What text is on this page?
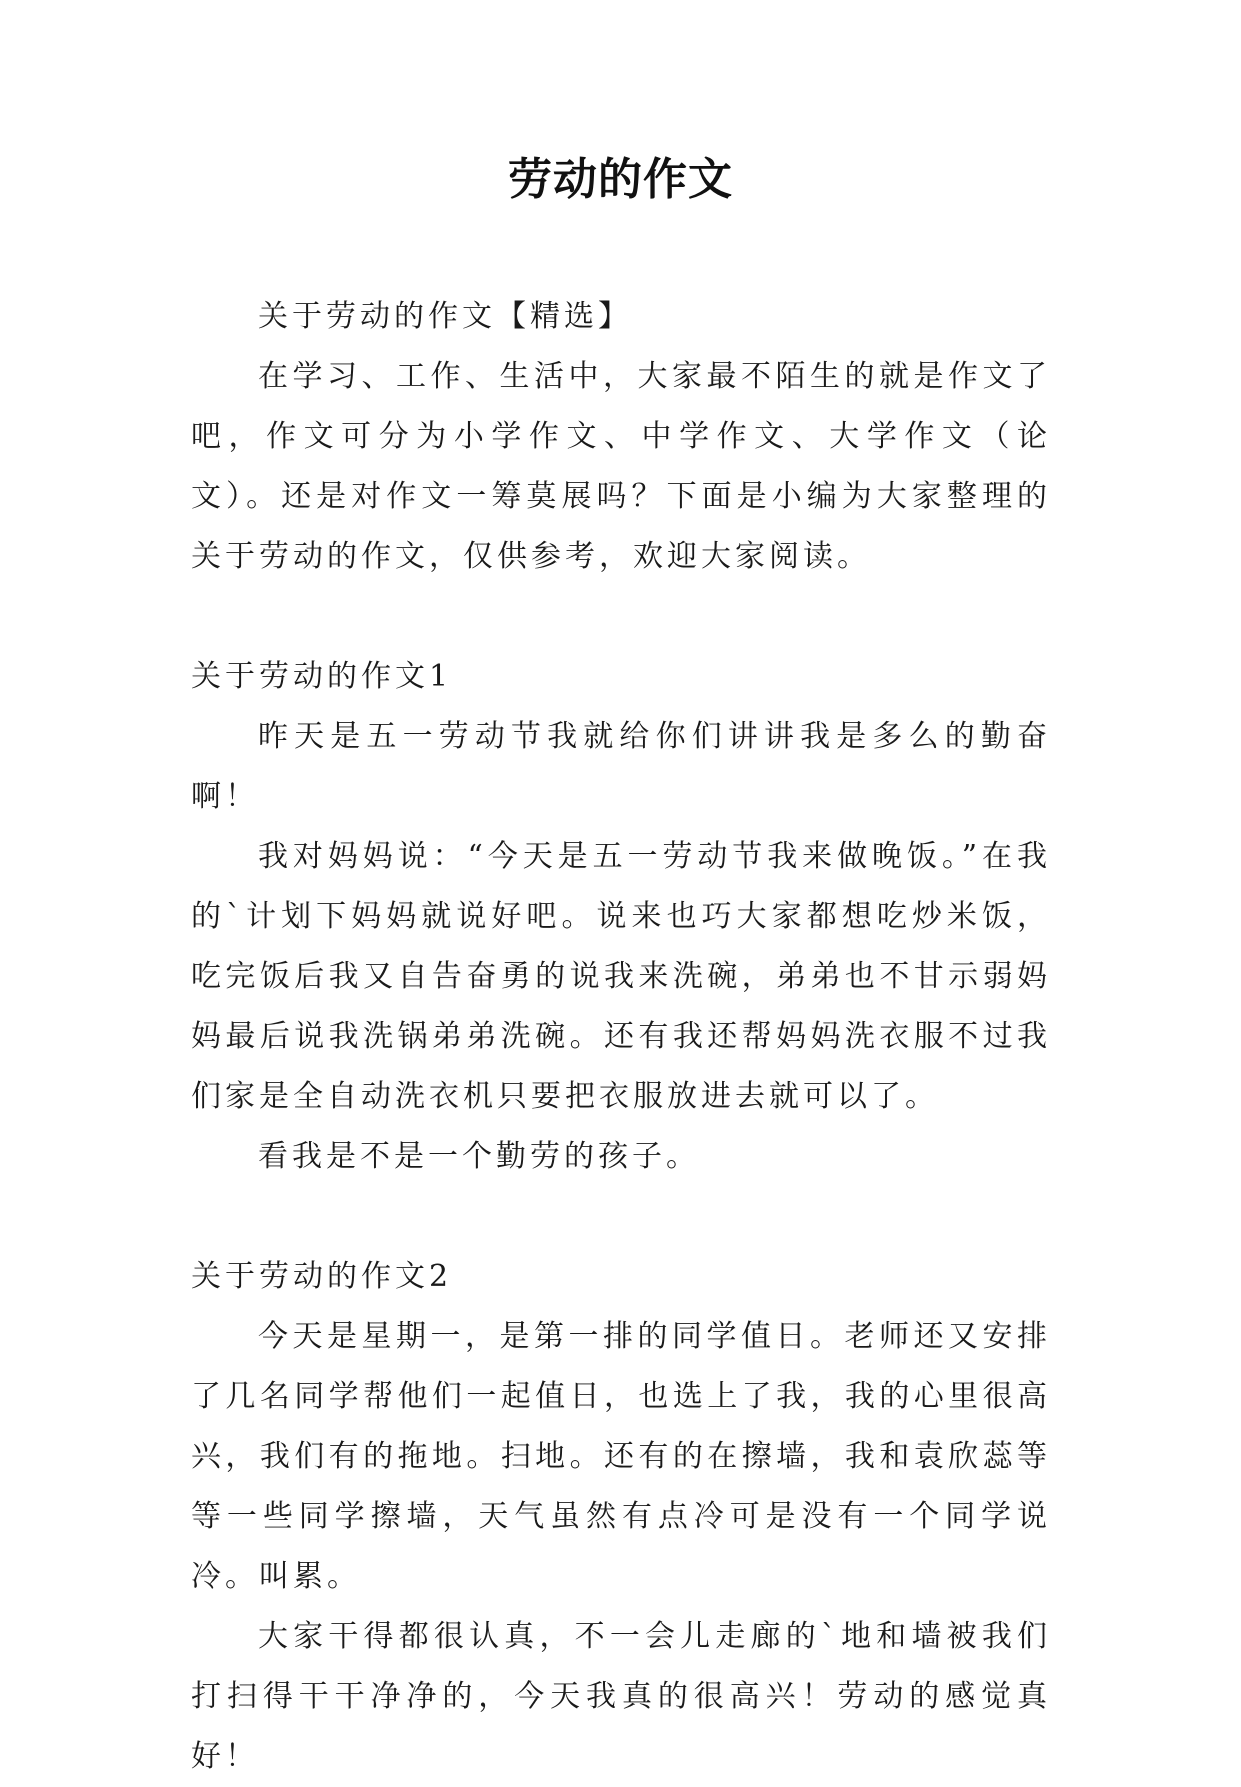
劳动的作文

关于劳动的作文【精选】

在学习、工作、生活中，大家最不陌生的就是作文了吧，作文可分为小学作文、中学作文、大学作文（论文）。还是对作文一筹莫展吗？下面是小编为大家整理的关于劳动的作文，仅供参考，欢迎大家阅读。

关于劳动的作文1

昨天是五一劳动节我就给你们讲讲我是多么的勤奋啊！

我对妈妈说：“今天是五一劳动节我来做晚饭。”在我的`计划下妈妈就说好吧。说来也巧大家都想吃炒米饭，吃完饭后我又自告奋勇的说我来洗碗，弟弟也不甘示弱妈妈最后说我洗锅弟弟洗碗。还有我还帮妈妈洗衣服不过我们家是全自动洗衣机只要把衣服放进去就可以了。

看我是不是一个勤劳的孩子。

关于劳动的作文2

今天是星期一，是第一排的同学值日。老师还又安排了几名同学帮他们一起值日，也选上了我，我的心里很高兴，我们有的拖地。扫地。还有的在擦墙，我和袁欣蕊等等一些同学擦墙，天气虽然有点冷可是没有一个同学说冷。叫累。

大家干得都很认真，不一会儿走廊的`地和墙被我们打扫得干干净净的，今天我真的很高兴！劳动的感觉真好！
